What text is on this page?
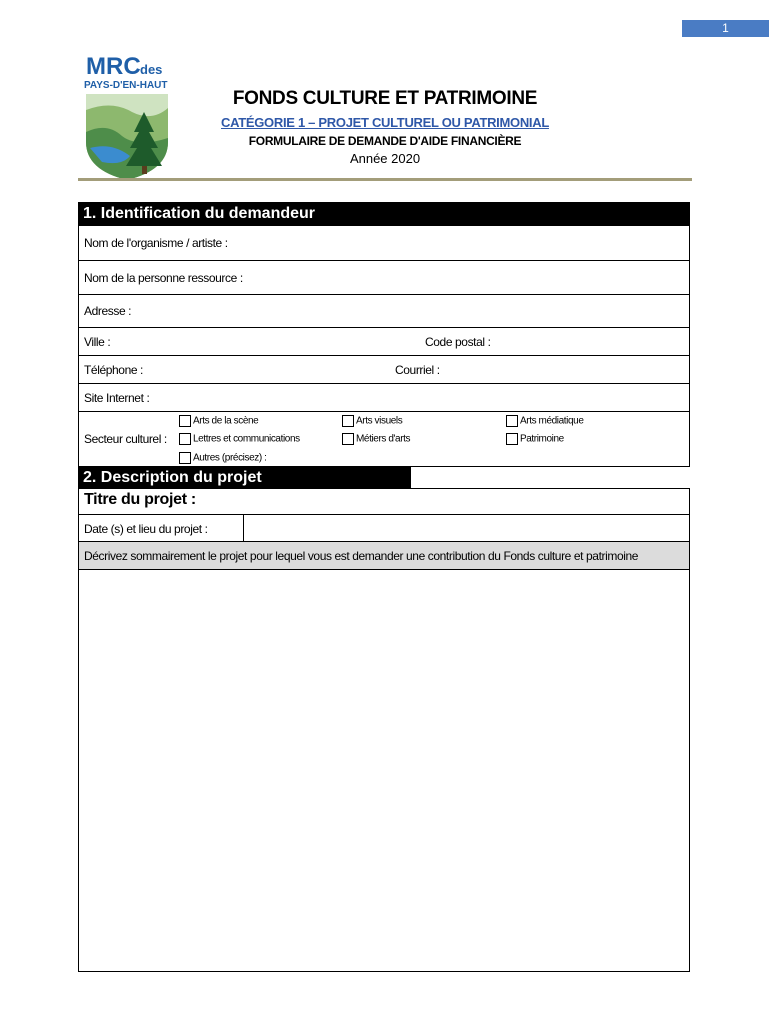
1
MRC des
PAYS-D'EN-HAUT
FONDS CULTURE ET PATRIMOINE
CATÉGORIE 1 – PROJET CULTUREL OU PATRIMONIAL
FORMULAIRE DE DEMANDE D'AIDE FINANCIÈRE
Année 2020
1. Identification du demandeur
Nom de l'organisme / artiste :
Nom de la personne ressource :
Adresse :
Ville :	Code postal :
Téléphone :	Courriel :
Site Internet :
Secteur culturel :
Arts de la scène	Arts visuels	Arts médiatique
Lettres et communications	Métiers d'arts	Patrimoine
Autres (précisez) :
2. Description du projet
Titre du projet :
Date (s) et lieu du projet :
Décrivez sommairement le projet pour lequel vous est demander une contribution du Fonds culture et patrimoine
